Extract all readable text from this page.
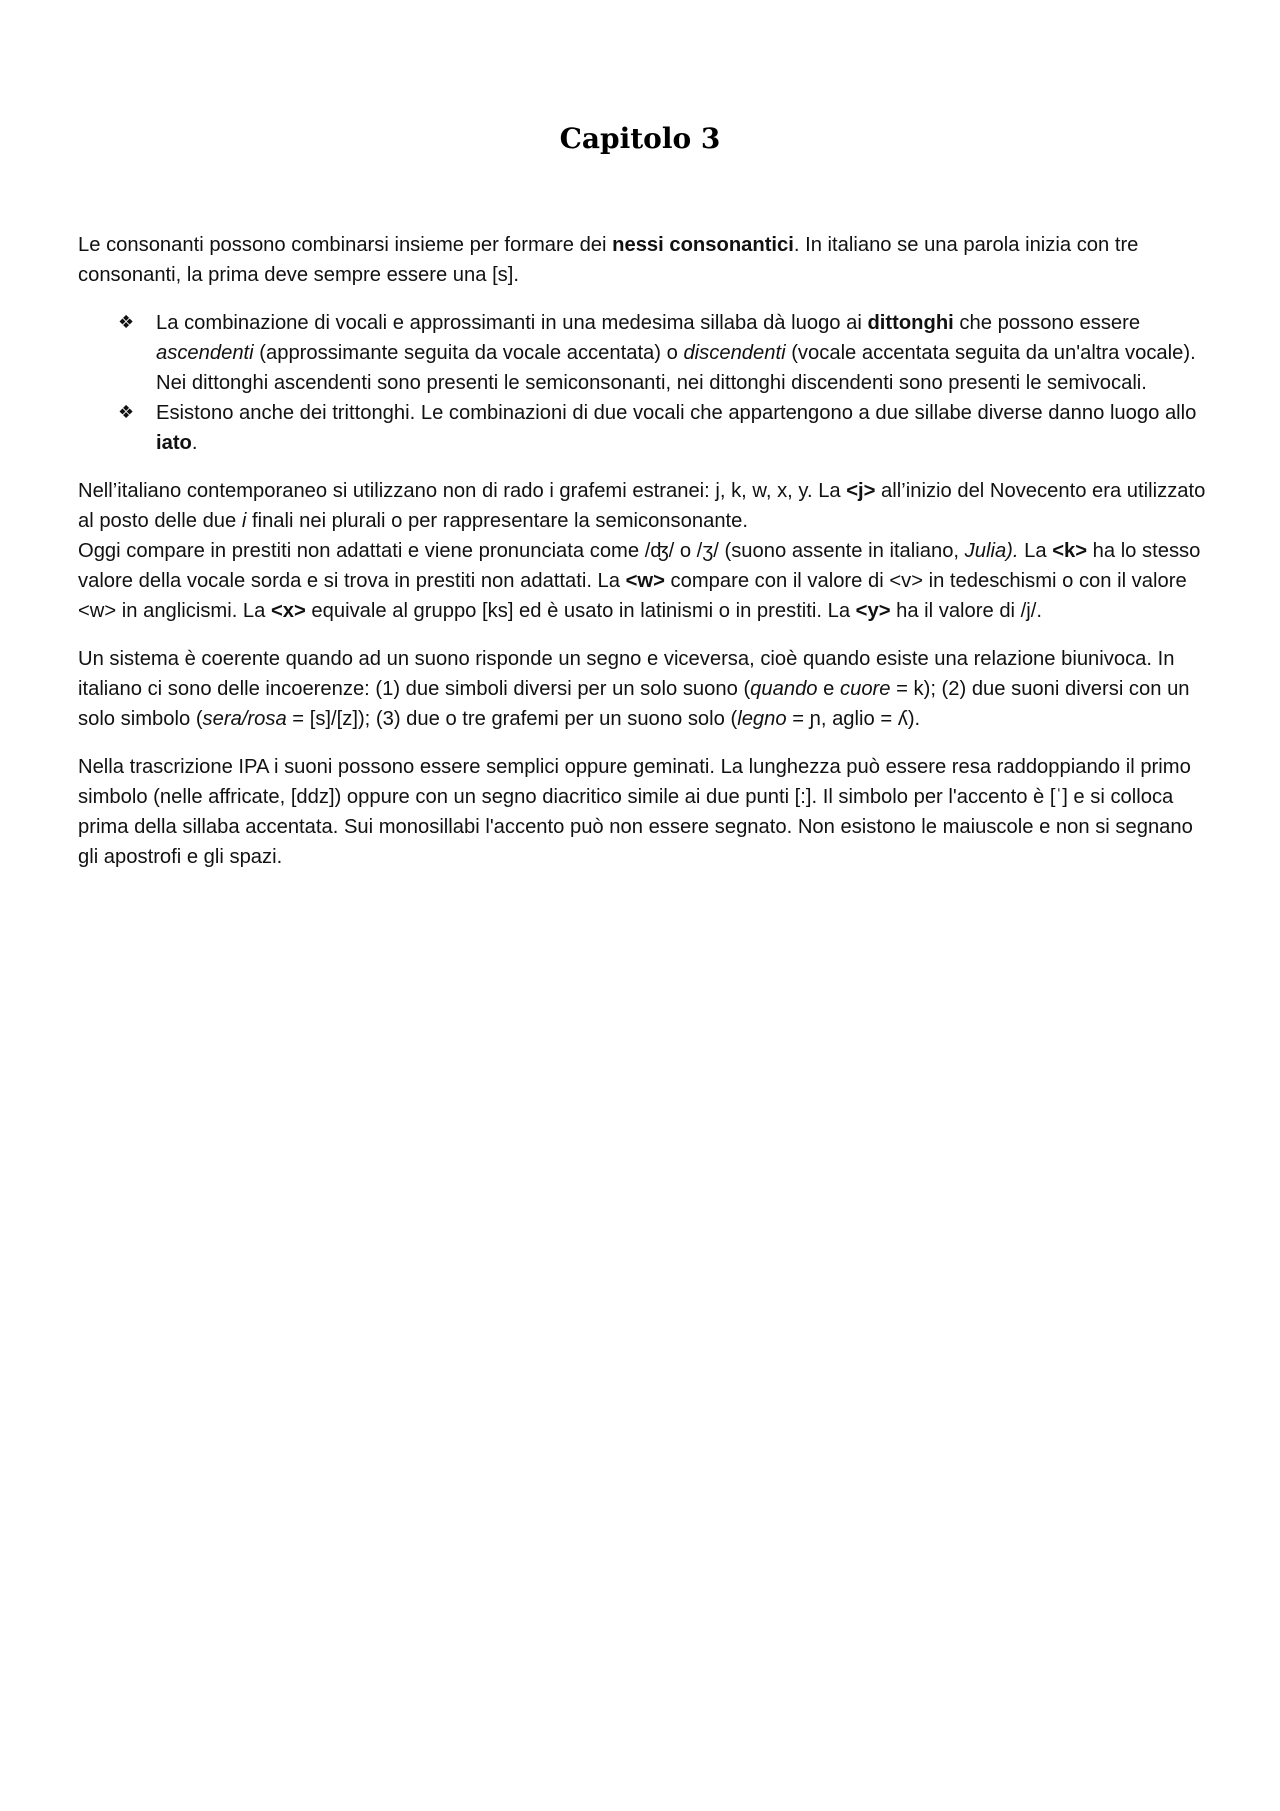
Capitolo 3

Le consonanti possono combinarsi insieme per formare dei nessi consonantici. In italiano se una parola inizia con tre consonanti, la prima deve sempre essere una [s].

❖ La combinazione di vocali e approssimanti in una medesima sillaba dà luogo ai dittonghi che possono essere ascendenti (approssimante seguita da vocale accentata) o discendenti (vocale accentata seguita da un'altra vocale). Nei dittonghi ascendenti sono presenti le semiconsonanti, nei dittonghi discendenti sono presenti le semivocali.
❖ Esistono anche dei trittonghi. Le combinazioni di due vocali che appartengono a due sillabe diverse danno luogo allo iato.

Nell’italiano contemporaneo si utilizzano non di rado i grafemi estranei: j, k, w, x, y. La <j> all’inizio del Novecento era utilizzato al posto delle due i finali nei plurali o per rappresentare la semiconsonante.

Oggi compare in prestiti non adattati e viene pronunciata come /ʤ/ o /ʒ/ (suono assente in italiano, Julia). La <k> ha lo stesso valore della vocale sorda e si trova in prestiti non adattati. La <w> compare con il valore di <v> in tedeschismi o con il valore <w> in anglicismi. La <x> equivale al gruppo [ks] ed è usato in latinismi o in prestiti. La <y> ha il valore di /j/.

Un sistema è coerente quando ad un suono risponde un segno e viceversa, cioè quando esiste una relazione biunivoca. In italiano ci sono delle incoerenze: (1) due simboli diversi per un solo suono (quando e cuore = k); (2) due suoni diversi con un solo simbolo (sera/rosa = [s]/[z]); (3) due o tre grafemi per un suono solo (legno = ɲ, aglio = ʎ).

Nella trascrizione IPA i suoni possono essere semplici oppure geminati. La lunghezza può essere resa raddoppiando il primo simbolo (nelle affricate, [ddz]) oppure con un segno diacritico simile ai due punti [:]. Il simbolo per l'accento è [ˈ] e si colloca prima della sillaba accentata. Sui monosillabi l'accento può non essere segnato. Non esistono le maiuscole e non si segnano gli apostrofi e gli spazi.
